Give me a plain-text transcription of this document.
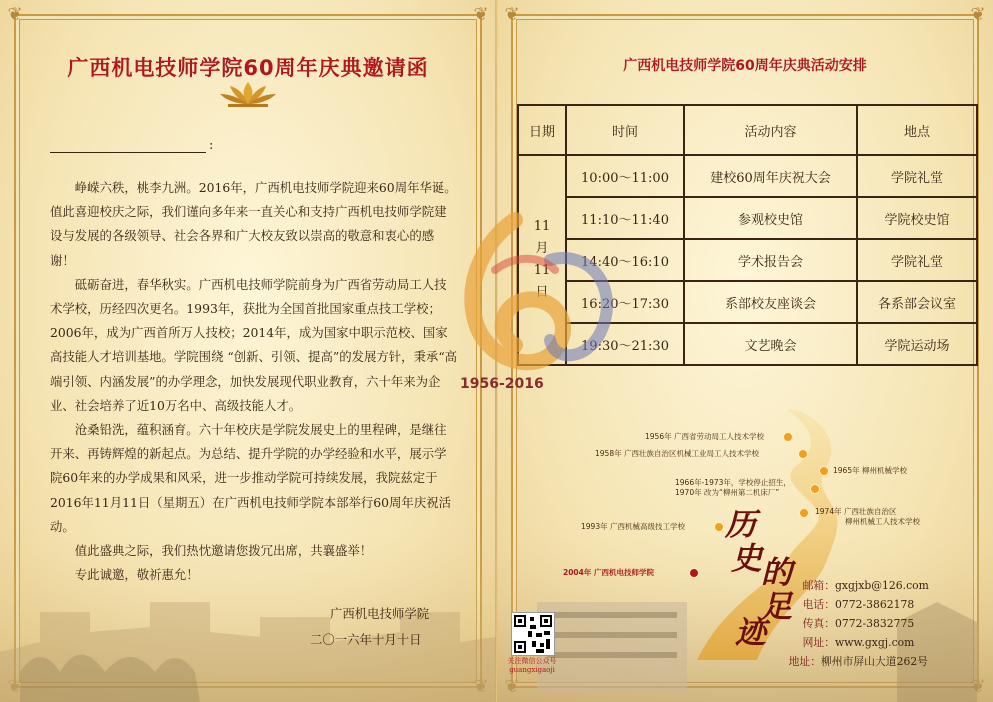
❦	❦
广西机电技师学院60周年庆典邀请函
:

峥嵘六秩，桃李九洲。2016年，广西机电技师学院迎来60周年华诞。值此喜迎校庆之际，我们谨向多年来一直关心和支持广西机电技师学院建设与发展的各级领导、社会各界和广大校友致以崇高的敬意和衷心的感谢！

砥砺奋进，春华秋实。广西机电技师学院前身为广西省劳动局工人技术学校，历经四次更名。1993年，获批为全国首批国家重点技工学校；2006年，成为广西首所万人技校；2014年，成为国家中职示范校、国家高技能人才培训基地。学院围绕 “创新、引领、提高”的发展方针，秉承“高端引领、内涵发展”的办学理念，加快发展现代职业教育，六十年来为企业、社会培养了近10万名中、高级技能人才。

沧桑铅洗，蕴积涵育。六十年校庆是学院发展史上的里程碑，是继往开来、再铸辉煌的新起点。为总结、提升学院的办学经验和水平，展示学院60年来的办学成果和风采，进一步推动学院可持续发展，我院兹定于2016年11月11日（星期五）在广西机电技师学院本部举行60周年庆祝活动。

值此盛典之际，我们热忱邀请您拨冗出席，共襄盛举！

专此诚邀，敬祈惠允！

广西机电技师学院
二〇一六年十月十日
❦	❦
广西机电技师学院60周年庆典活动安排
日期	时间	活动内容	地点
11
月
11
日	10:00～11:00	建校60周年庆祝大会	学院礼堂
	11:10～11:40	参观校史馆	学院校史馆
	14:40～16:10	学术报告会	学院礼堂
	16:20～17:30	系部校友座谈会	各系部会议室
	19:30～21:30	文艺晚会	学院运动场
1956年 广西省劳动局工人技术学校
1958年 广西壮族自治区机械工业局工人技术学校
1965年 柳州机械学校
1966年-1973年，学校停止招生，
1970年 改为“柳州第二机床厂”
1974年 广西壮族自治区
柳州机械工人技术学校
1993年 广西机械高级技工学校
2004年 广西机电技师学院
历
史 的
足
迹
邮箱：gxgjxb@126.com
电话：0772-3862178
传真：0772-3832775
网址：www.gxgj.com
地址：柳州市屏山大道262号
关注微信公众号
guangxigaoji
1956-2016
